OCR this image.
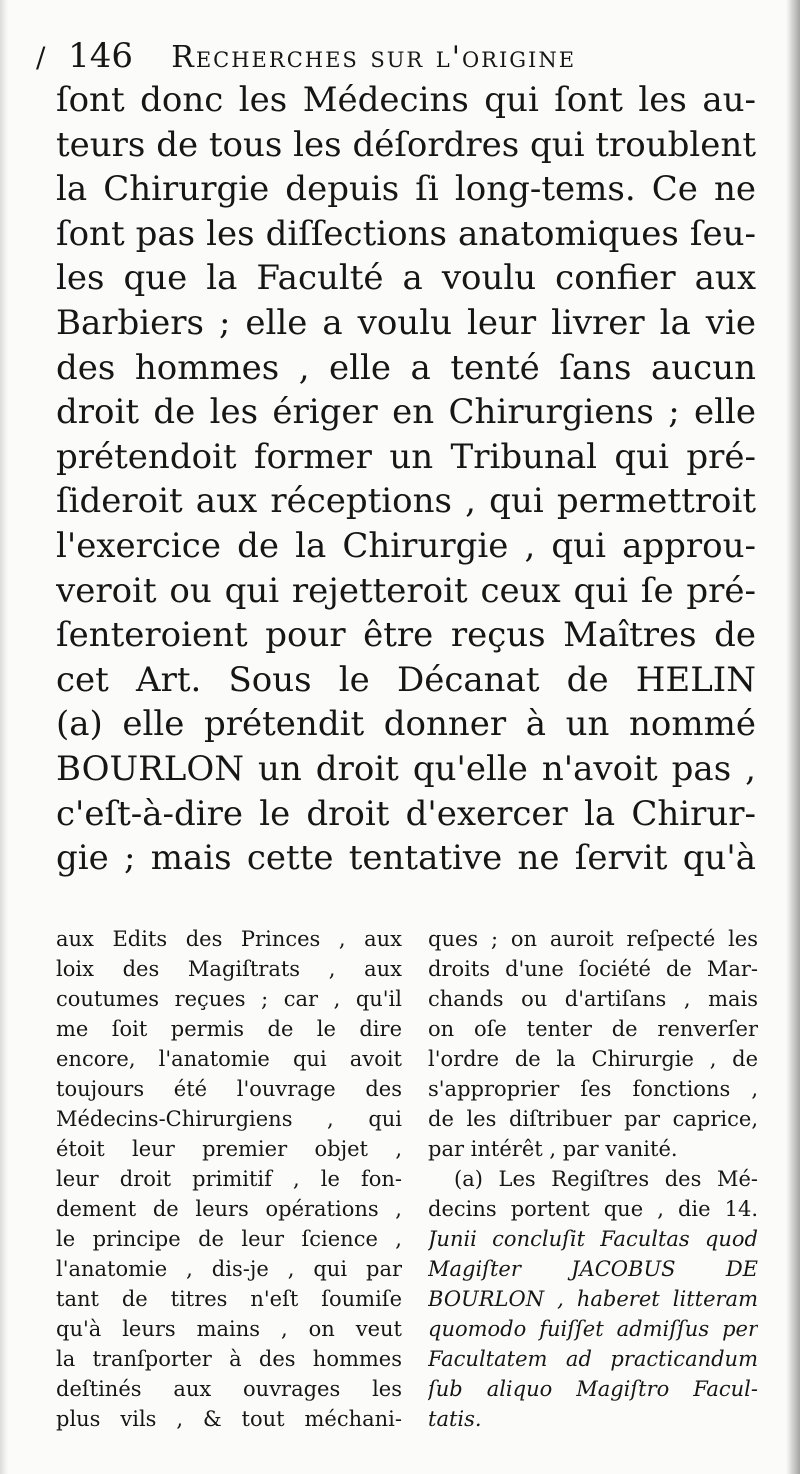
/ 146 Recherches sur l'origine
ſont donc les Médecins qui ſont les au-
teurs de tous les déſordres qui troublent
la Chirurgie depuis ſi long-tems. Ce ne
ſont pas les diſſections anatomiques ſeu-
les que la Faculté a voulu confier aux
Barbiers ; elle a voulu leur livrer la vie
des hommes , elle a tenté ſans aucun
droit de les ériger en Chirurgiens ; elle
prétendoit former un Tribunal qui pré-
ſideroit aux réceptions , qui permettroit
l'exercice de la Chirurgie , qui approu-
veroit ou qui rejetteroit ceux qui ſe pré-
ſenteroient pour être reçus Maîtres de
cet Art. Sous le Décanat de HELIN
(a) elle prétendit donner à un nommé
BOURLON un droit qu'elle n'avoit pas ,
c'eſt-à-dire le droit d'exercer la Chirur-
gie ; mais cette tentative ne ſervit qu'à
aux Edits des Princes , aux
loix des Magiſtrats , aux
coutumes reçues ; car , qu'il
me ſoit permis de le dire
encore, l'anatomie qui avoit
toujours été l'ouvrage des
Médecins-Chirurgiens , qui
étoit leur premier objet ,
leur droit primitif , le fon-
dement de leurs opérations ,
le principe de leur ſcience ,
l'anatomie , dis-je , qui par
tant de titres n'eſt ſoumiſe
qu'à leurs mains , on veut
la tranſporter à des hommes
deſtinés aux ouvrages les
plus vils , & tout méchani-
ques ; on auroit reſpecté les
droits d'une ſociété de Mar-
chands ou d'artiſans , mais
on oſe tenter de renverſer
l'ordre de la Chirurgie , de
s'approprier ſes fonctions ,
de les diſtribuer par caprice,
par intérêt , par vanité.
(a) Les Regiſtres des Mé-
decins portent que , die 14.
Junii concluſit Facultas quod
Magiſter JACOBUS DE
BOURLON , haberet litteram
quomodo fuiſſet admiſſus per
Facultatem ad practicandum
ſub aliquo Magiſtro Facul-
tatis.
